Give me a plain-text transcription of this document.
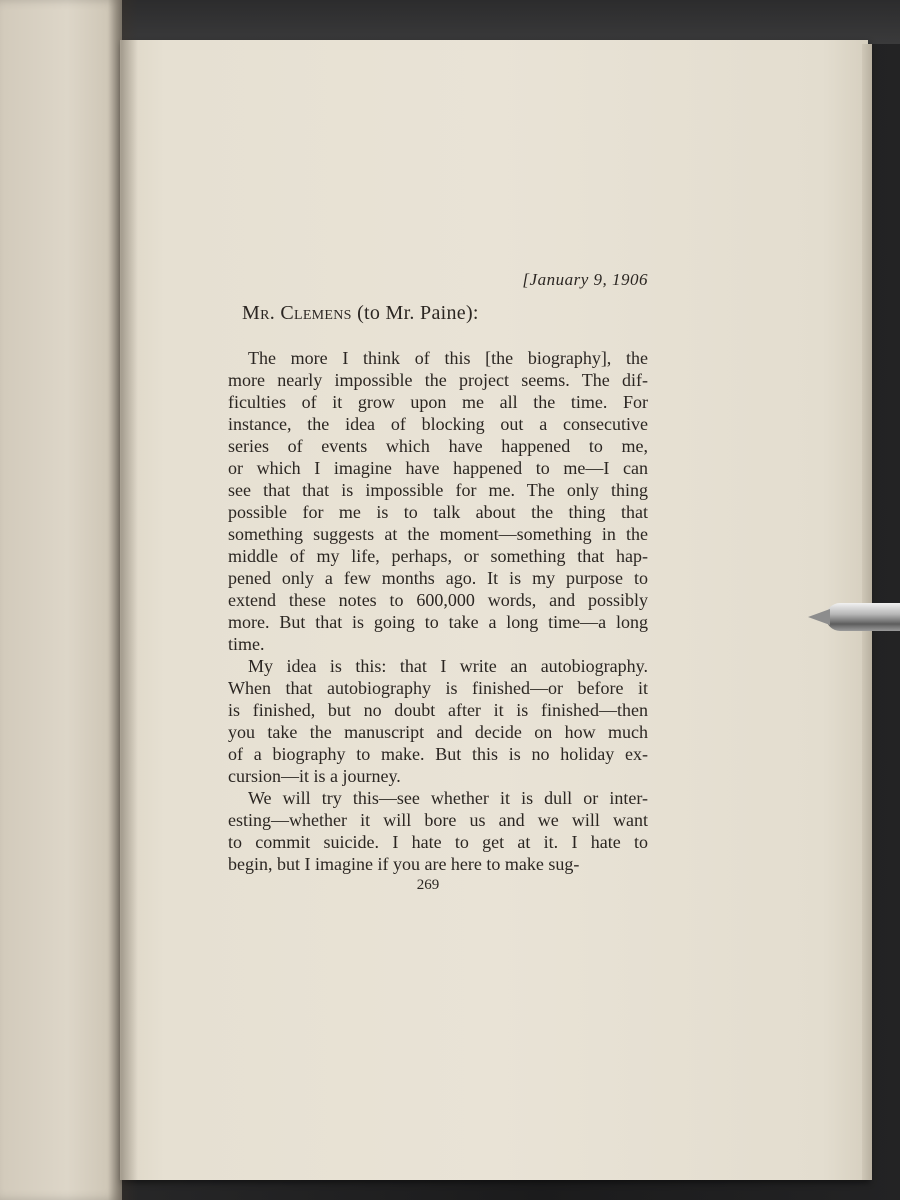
[January 9, 1906
Mr. Clemens (to Mr. Paine):
The more I think of this [the biography], the
more nearly impossible the project seems. The dif-
ficulties of it grow upon me all the time. For
instance, the idea of blocking out a consecutive
series of events which have happened to me,
or which I imagine have happened to me—I can
see that that is impossible for me. The only thing
possible for me is to talk about the thing that
something suggests at the moment—something in the
middle of my life, perhaps, or something that hap-
pened only a few months ago. It is my purpose to
extend these notes to 600,000 words, and possibly
more. But that is going to take a long time—a long
time.
My idea is this: that I write an autobiography.
When that autobiography is finished—or before it
is finished, but no doubt after it is finished—then
you take the manuscript and decide on how much
of a biography to make. But this is no holiday ex-
cursion—it is a journey.
We will try this—see whether it is dull or inter-
esting—whether it will bore us and we will want
to commit suicide. I hate to get at it. I hate to
begin, but I imagine if you are here to make sug-
269
